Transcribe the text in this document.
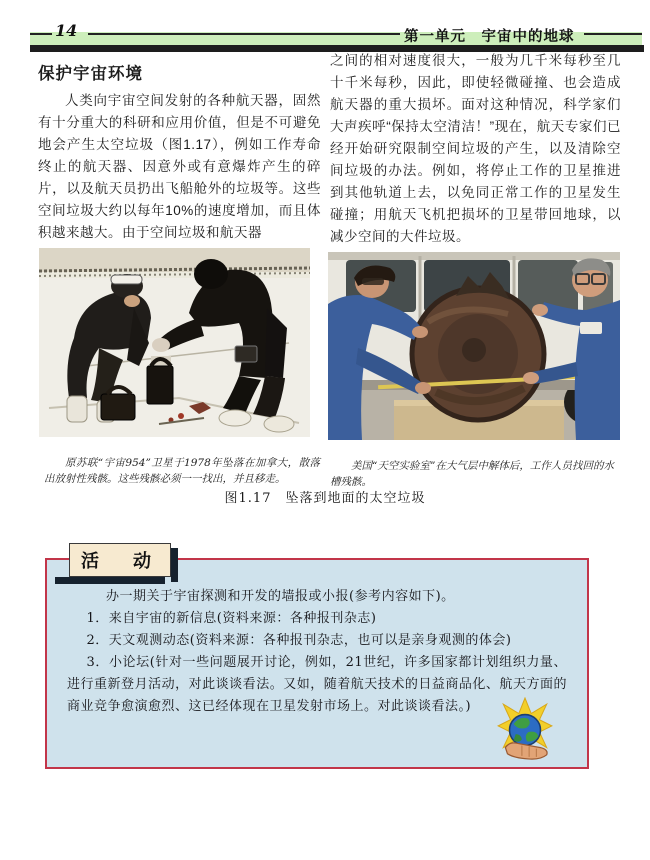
14	第一单元　宇宙中的地球
保护宇宙环境

人类向宇宙空间发射的各种航天器，固然有十分重大的科研和应用价值，但是不可避免地会产生太空垃圾（图1.17），例如工作寿命终止的航天器、因意外或有意爆炸产生的碎片，以及航天员扔出飞船舱外的垃圾等。这些空间垃圾大约以每年10%的速度增加，而且体积越来越大。由于空间垃圾和航天器

之间的相对速度很大，一般为几千米每秒至几十千米每秒，因此，即使轻微碰撞、也会造成航天器的重大损坏。面对这种情况，科学家们大声疾呼“保持太空清洁！”现在，航天专家们已经开始研究限制空间垃圾的产生，以及清除空间垃圾的办法。例如，将停止工作的卫星推进到其他轨道上去，以免同正常工作的卫星发生碰撞；用航天飞机把损坏的卫星带回地球，以减少空间的大件垃圾。

原苏联“宇宙954”卫星于1978年坠落在加拿大，散落出放射性残骸。这些残骸必须一一找出，并且移走。

美国“天空实验室”在大气层中解体后，工作人员找回的水槽残骸。

图1.17　坠落到地面的太空垃圾
活　动

办一期关于宇宙探测和开发的墙报或小报(参考内容如下)。

1．来自宇宙的新信息(资料来源：各种报刊杂志)

2．天文观测动态(资料来源：各种报刊杂志，也可以是亲身观测的体会)

3．小论坛(针对一些问题展开讨论，例如，21世纪，许多国家都计划组织力量、进行重新登月活动，对此谈谈看法。又如，随着航天技术的日益商品化、航天方面的商业竞争愈演愈烈、这已经体现在卫星发射市场上。对此谈谈看法。)
